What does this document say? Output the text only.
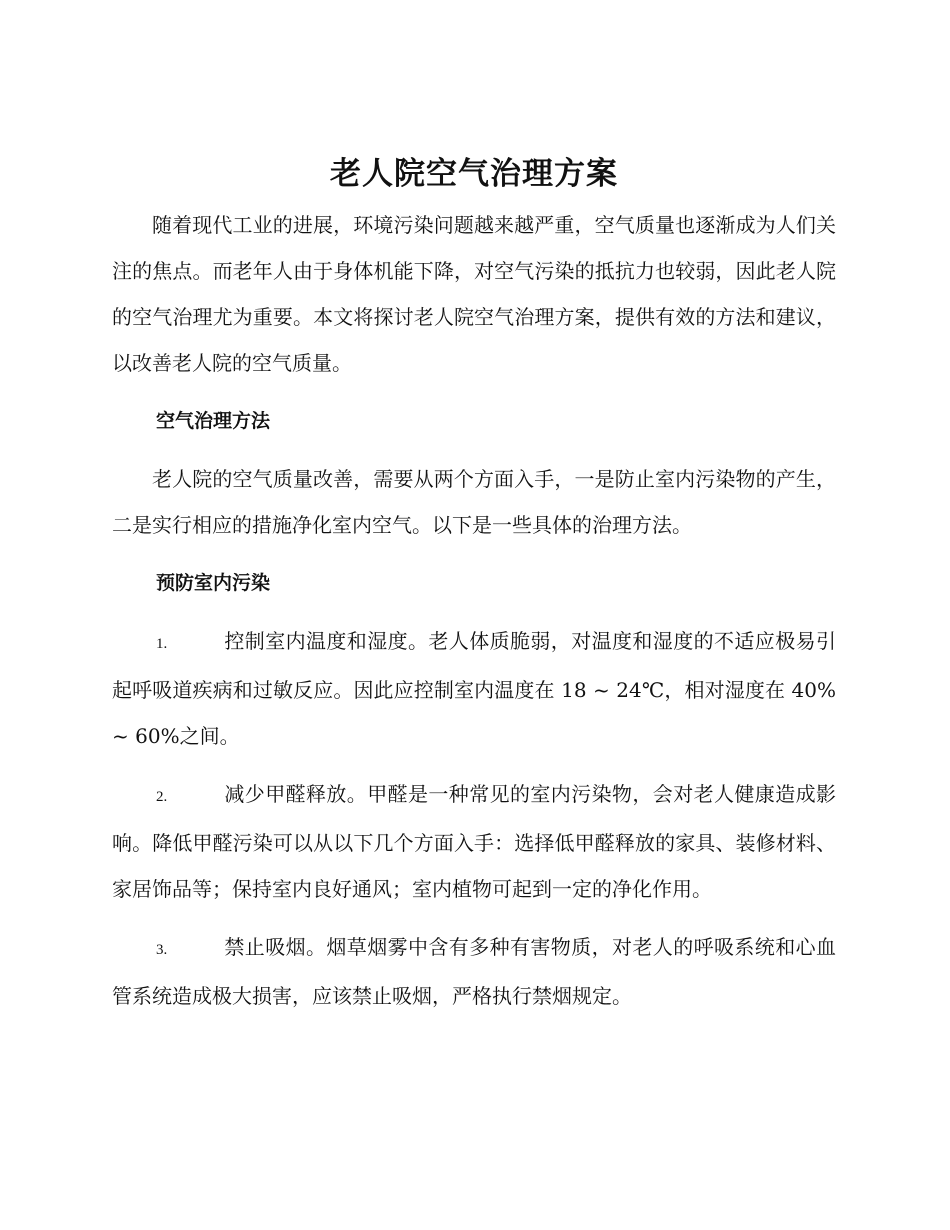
老人院空气治理方案

随着现代工业的进展，环境污染问题越来越严重，空气质量也逐渐成为人们关注的焦点。而老年人由于身体机能下降，对空气污染的抵抗力也较弱，因此老人院的空气治理尤为重要。本文将探讨老人院空气治理方案，提供有效的方法和建议，以改善老人院的空气质量。

空气治理方法

老人院的空气质量改善，需要从两个方面入手，一是防止室内污染物的产生，二是实行相应的措施净化室内空气。以下是一些具体的治理方法。

预防室内污染

1.	控制室内温度和湿度。老人体质脆弱，对温度和湿度的不适应极易引起呼吸道疾病和过敏反应。因此应控制室内温度在 18 ~ 24℃，相对湿度在 40% ~ 60%之间。

2.	减少甲醛释放。甲醛是一种常见的室内污染物，会对老人健康造成影响。降低甲醛污染可以从以下几个方面入手：选择低甲醛释放的家具、装修材料、家居饰品等；保持室内良好通风；室内植物可起到一定的净化作用。

3.	禁止吸烟。烟草烟雾中含有多种有害物质，对老人的呼吸系统和心血管系统造成极大损害，应该禁止吸烟，严格执行禁烟规定。
